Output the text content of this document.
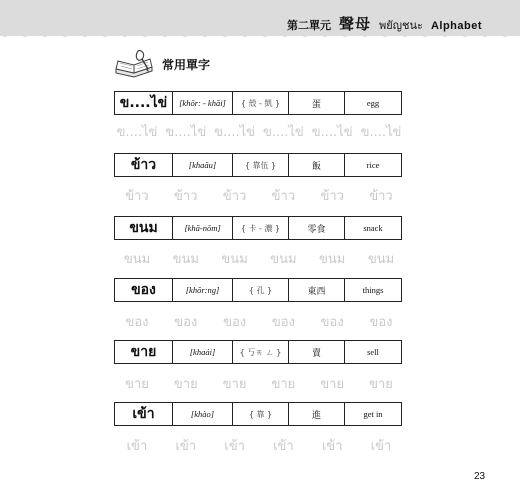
第二單元 聲母 พยัญชนะ Alphabet
常用單字
ข....ไข่	[khŏr: - khăi]	{ 殼 - 凱 }	蛋	egg
ข....ไข่ ข....ไข่ ข....ไข่ ข....ไข่ ข....ไข่ ข....ไข่
ข้าว	[khaău]	{ 靠伍 }	飯	rice
ข้าว	ข้าว	ข้าว	ข้าว	ข้าว	ข้าว
ขนม	[khă-nŏm]	{ 卡 - 濃 }	零食	snack
ขนม	ขนม	ขนม	ขนม	ขนม	ขนม
ของ	[khŏr:ng]	{ 孔 }	東西	things
ของ	ของ	ของ	ของ	ของ	ของ
ขาย	[khaái]	{ 丂ㄞ ㄥ }	賣	sell
ขาย	ขาย	ขาย	ขาย	ขาย	ขาย
เข้า	[khào]	{ 靠 }	進	get in
เข้า	เข้า	เข้า	เข้า	เข้า	เข้า
23
